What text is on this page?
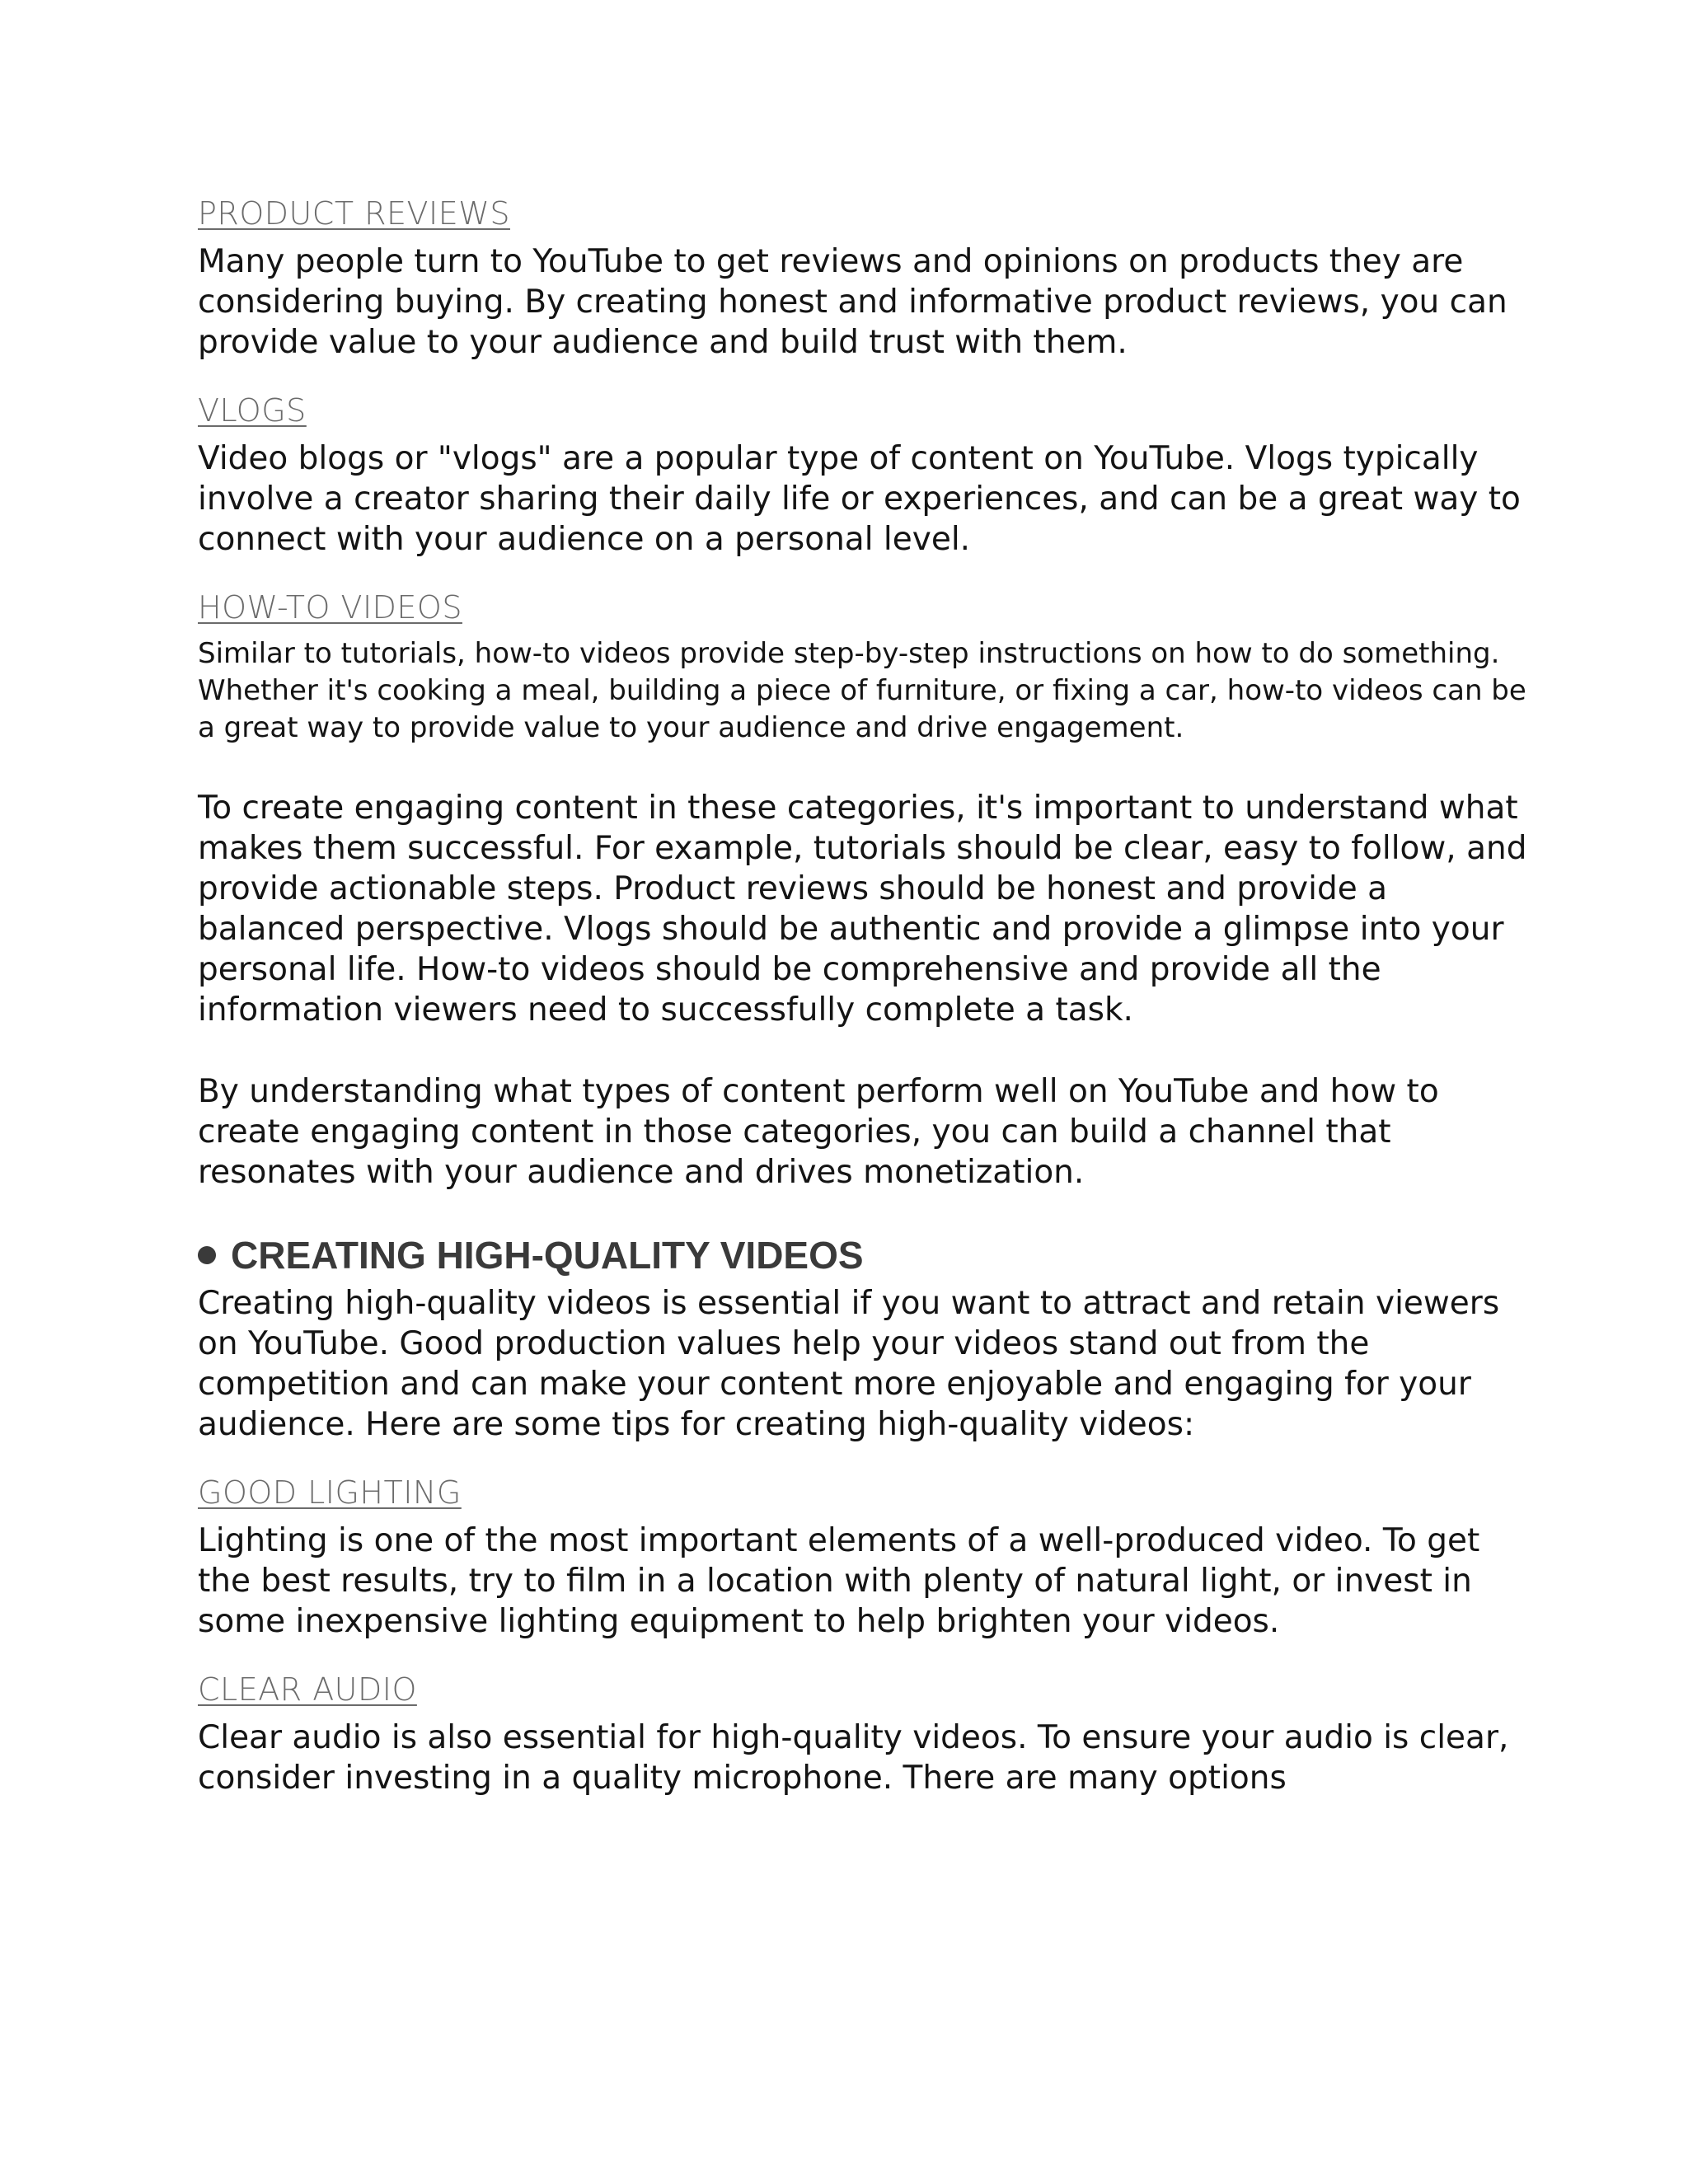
PRODUCT REVIEWS

Many people turn to YouTube to get reviews and opinions on products they are considering buying. By creating honest and informative product reviews, you can provide value to your audience and build trust with them.

VLOGS

Video blogs or "vlogs" are a popular type of content on YouTube. Vlogs typically involve a creator sharing their daily life or experiences, and can be a great way to connect with your audience on a personal level.

HOW-TO VIDEOS

Similar to tutorials, how-to videos provide step-by-step instructions on how to do something. Whether it's cooking a meal, building a piece of furniture, or fixing a car, how-to videos can be a great way to provide value to your audience and drive engagement.

To create engaging content in these categories, it's important to understand what makes them successful. For example, tutorials should be clear, easy to follow, and provide actionable steps. Product reviews should be honest and provide a balanced perspective. Vlogs should be authentic and provide a glimpse into your personal life. How-to videos should be comprehensive and provide all the information viewers need to successfully complete a task.

By understanding what types of content perform well on YouTube and how to create engaging content in those categories, you can build a channel that resonates with your audience and drives monetization.

CREATING HIGH-QUALITY VIDEOS

Creating high-quality videos is essential if you want to attract and retain viewers on YouTube. Good production values help your videos stand out from the competition and can make your content more enjoyable and engaging for your audience. Here are some tips for creating high-quality videos:

GOOD LIGHTING

Lighting is one of the most important elements of a well-produced video. To get the best results, try to film in a location with plenty of natural light, or invest in some inexpensive lighting equipment to help brighten your videos.

CLEAR AUDIO

Clear audio is also essential for high-quality videos. To ensure your audio is clear, consider investing in a quality microphone. There are many options
